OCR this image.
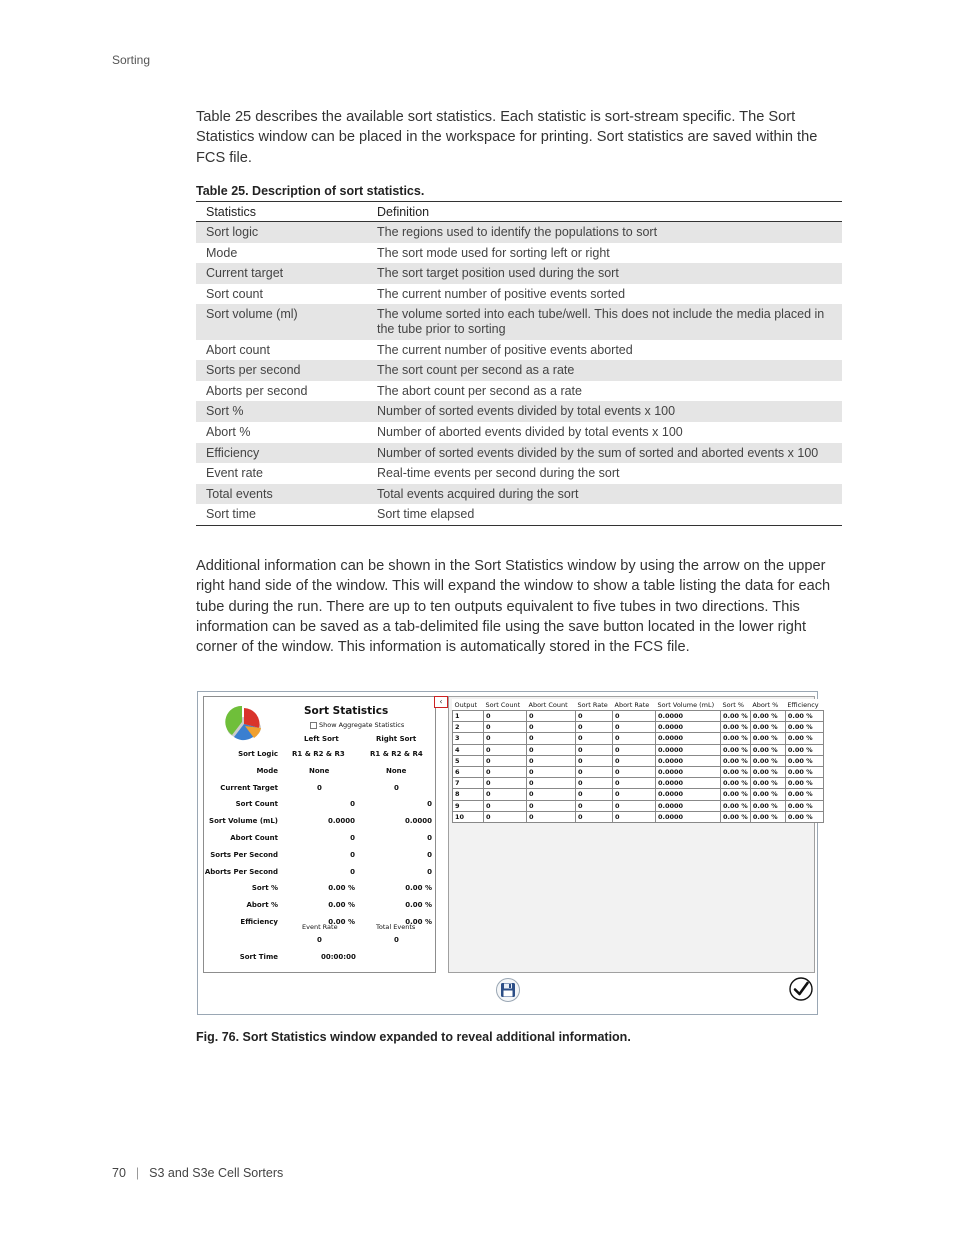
Sorting

Table 25 describes the available sort statistics. Each statistic is sort-stream specific. The Sort Statistics window can be placed in the workspace for printing. Sort statistics are saved within the FCS file.

Table 25. Description of sort statistics.
Statistics	Definition
Sort logic	The regions used to identify the populations to sort
Mode	The sort mode used for sorting left or right
Current target	The sort target position used during the sort
Sort count	The current number of positive events sorted
Sort volume (ml)	The volume sorted into each tube/well. This does not include the media placed in the tube prior to sorting
Abort count	The current number of positive events aborted
Sorts per second	The sort count per second as a rate
Aborts per second	The abort count per second as a rate
Sort %	Number of sorted events divided by total events x 100
Abort %	Number of aborted events divided by total events x 100
Efficiency	Number of sorted events divided by the sum of sorted and aborted events x 100
Event rate	Real-time events per second during the sort
Total events	Total events acquired during the sort
Sort time	Sort time elapsed

Additional information can be shown in the Sort Statistics window by using the arrow on the upper right hand side of the window. This will expand the window to show a table listing the data for each tube during the run. There are up to ten outputs equivalent to five tubes in two directions. This information can be saved as a tab-delimited file using the save button located in the lower right corner of the window. This information is automatically stored in the FCS file.

Sort Statistics
Show Aggregate Statistics
Left Sort	Right Sort
Sort Logic R1 & R2 & R3	R1 & R2 & R4
Mode	None	None
Current Target	0	0
Sort Count	0	0
Sort Volume (mL)	0.0000	0.0000
Abort Count	0	0
Sorts Per Second	0	0
Aborts Per Second	0	0
Sort %	0.00 %	0.00 %
Abort %	0.00 %	0.00 %
Efficiency	0.00 %	0.00 %
Event Rate	Total Events
0	0
Sort Time	00:00:00
‹	Output	Sort Count	Abort Count	Sort Rate	Abort Rate	Sort Volume (mL)	Sort %	Abort %	Efficiency
1	0	0	0	0	0.0000	0.00 %	0.00 %	0.00 %
2	0	0	0	0	0.0000	0.00 %	0.00 %	0.00 %
3	0	0	0	0	0.0000	0.00 %	0.00 %	0.00 %
4	0	0	0	0	0.0000	0.00 %	0.00 %	0.00 %
5	0	0	0	0	0.0000	0.00 %	0.00 %	0.00 %
6	0	0	0	0	0.0000	0.00 %	0.00 %	0.00 %
7	0	0	0	0	0.0000	0.00 %	0.00 %	0.00 %
8	0	0	0	0	0.0000	0.00 %	0.00 %	0.00 %
9	0	0	0	0	0.0000	0.00 %	0.00 %	0.00 %
10	0	0	0	0	0.0000	0.00 %	0.00 %	0.00 %
Fig. 76. Sort Statistics window expanded to reveal additional information.
70 | S3 and S3e Cell Sorters
